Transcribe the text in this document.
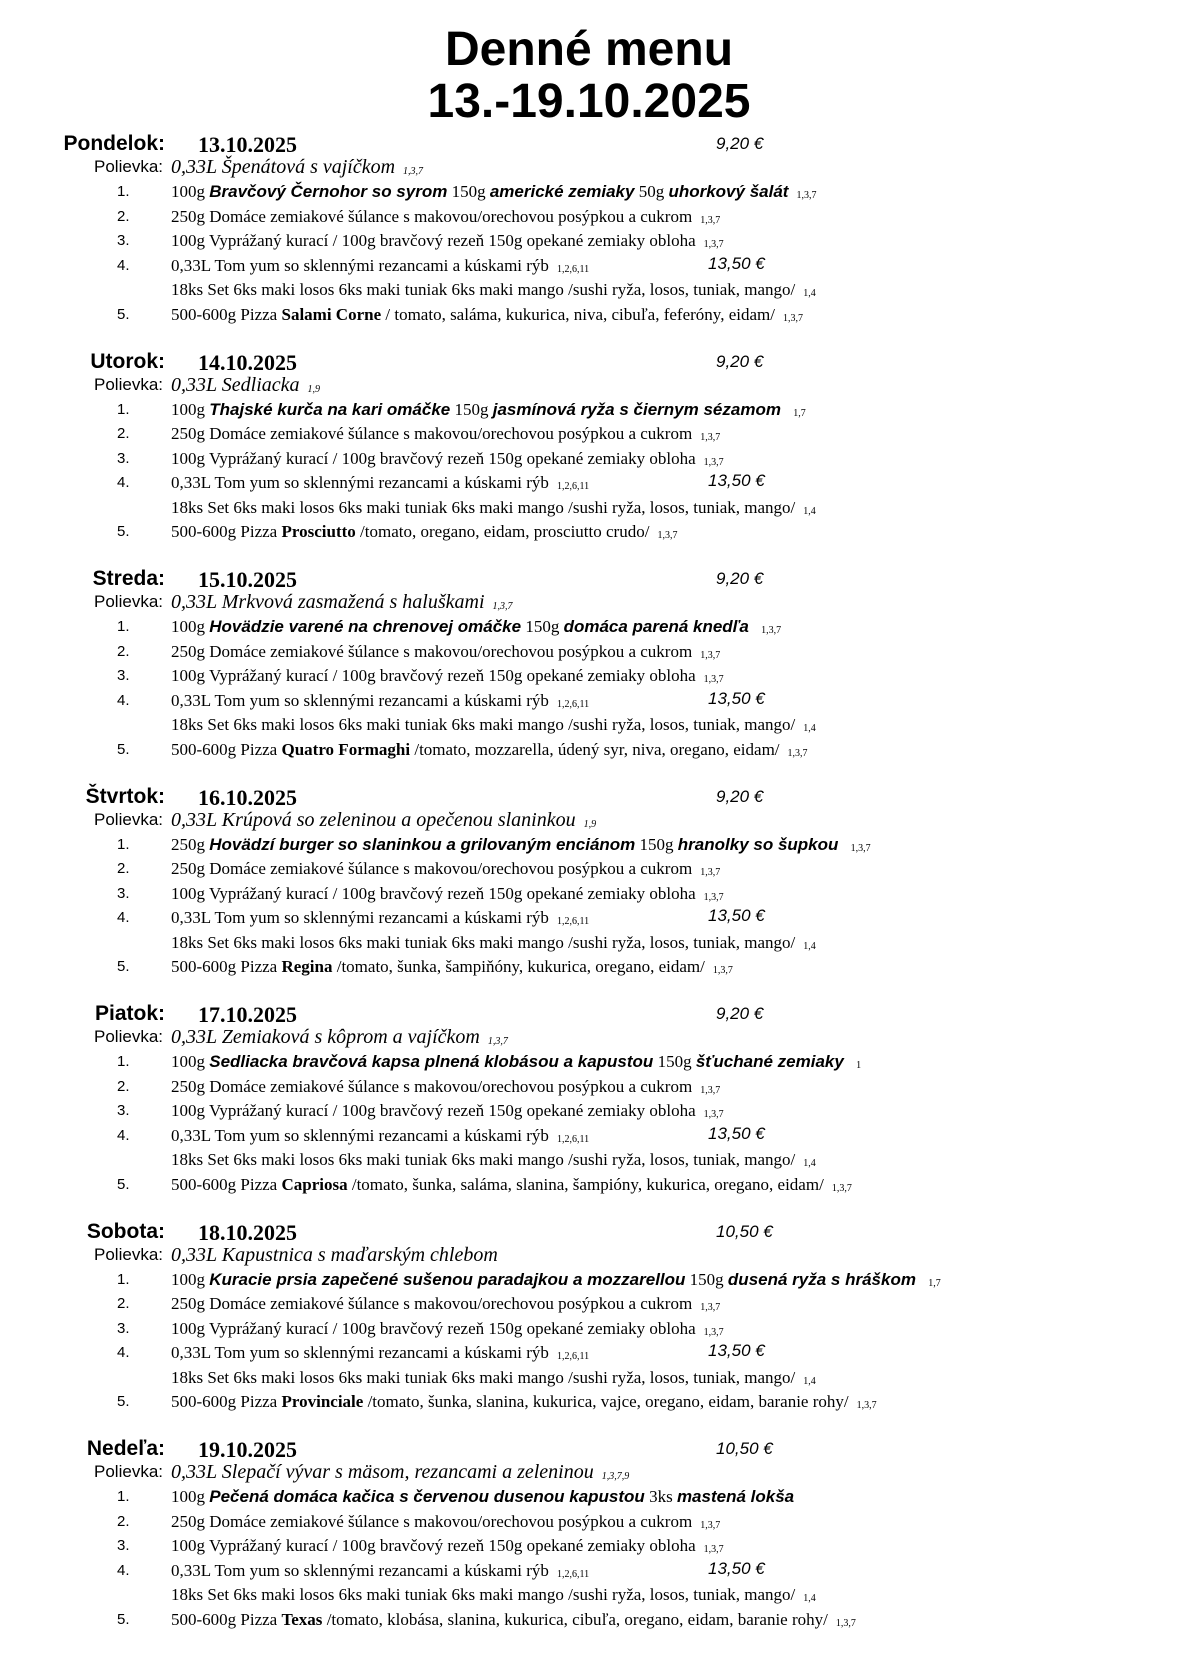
Denné menu
13.-19.10.2025
Pondelok: 13.10.2025	9,20 €
Polievka: 0,33L Špenátová s vajíčkom 1,3,7
1. 100g Bravčový Černohor so syrom 150g americké zemiaky 50g uhorkový šalát 1,3,7
2. 250g Domáce zemiakové šúlance s makovou/orechovou posýpkou a cukrom 1,3,7
3. 100g Vyprážaný kurací / 100g bravčový rezeň 150g opekané zemiaky obloha 1,3,7
4. 0,33L Tom yum so sklennými rezancami a kúskami rýb 1,2,6,11	13,50 €
18ks Set 6ks maki losos 6ks maki tuniak 6ks maki mango /sushi ryža, losos, tuniak, mango/ 1,4
5. 500-600g Pizza Salami Corne / tomato, saláma, kukurica, niva, cibuľa, feferóny, eidam/ 1,3,7
Utorok: 14.10.2025	9,20 €
Polievka: 0,33L Sedliacka 1,9
1. 100g Thajské kurča na kari omáčke 150g jasmínová ryža s čiernym sézamom 1,7
2. 250g Domáce zemiakové šúlance s makovou/orechovou posýpkou a cukrom 1,3,7
3. 100g Vyprážaný kurací / 100g bravčový rezeň 150g opekané zemiaky obloha 1,3,7
4. 0,33L Tom yum so sklennými rezancami a kúskami rýb 1,2,6,11	13,50 €
18ks Set 6ks maki losos 6ks maki tuniak 6ks maki mango /sushi ryža, losos, tuniak, mango/ 1,4
5. 500-600g Pizza Prosciutto /tomato, oregano, eidam, prosciutto crudo/ 1,3,7
Streda: 15.10.2025	9,20 €
Polievka: 0,33L Mrkvová zasmažená s haluškami 1,3,7
1. 100g Hovädzie varené na chrenovej omáčke 150g domáca parená knedľa 1,3,7
2. 250g Domáce zemiakové šúlance s makovou/orechovou posýpkou a cukrom 1,3,7
3. 100g Vyprážaný kurací / 100g bravčový rezeň 150g opekané zemiaky obloha 1,3,7
4. 0,33L Tom yum so sklennými rezancami a kúskami rýb 1,2,6,11	13,50 €
18ks Set 6ks maki losos 6ks maki tuniak 6ks maki mango /sushi ryža, losos, tuniak, mango/ 1,4
5. 500-600g Pizza Quatro Formaghi /tomato, mozzarella, údený syr, niva, oregano, eidam/ 1,3,7
Štvrtok: 16.10.2025	9,20 €
Polievka: 0,33L Krúpová so zeleninou a opečenou slaninkou 1,9
1. 250g Hovädzí burger so slaninkou a grilovaným enciánom 150g hranolky so šupkou 1,3,7
2. 250g Domáce zemiakové šúlance s makovou/orechovou posýpkou a cukrom 1,3,7
3. 100g Vyprážaný kurací / 100g bravčový rezeň 150g opekané zemiaky obloha 1,3,7
4. 0,33L Tom yum so sklennými rezancami a kúskami rýb 1,2,6,11	13,50 €
18ks Set 6ks maki losos 6ks maki tuniak 6ks maki mango /sushi ryža, losos, tuniak, mango/ 1,4
5. 500-600g Pizza Regina /tomato, šunka, šampiňóny, kukurica, oregano, eidam/ 1,3,7
Piatok: 17.10.2025	9,20 €
Polievka: 0,33L Zemiaková s kôprom a vajíčkom 1,3,7
1. 100g Sedliacka bravčová kapsa plnená klobásou a kapustou 150g šťuchané zemiaky 1
2. 250g Domáce zemiakové šúlance s makovou/orechovou posýpkou a cukrom 1,3,7
3. 100g Vyprážaný kurací / 100g bravčový rezeň 150g opekané zemiaky obloha 1,3,7
4. 0,33L Tom yum so sklennými rezancami a kúskami rýb 1,2,6,11	13,50 €
18ks Set 6ks maki losos 6ks maki tuniak 6ks maki mango /sushi ryža, losos, tuniak, mango/ 1,4
5. 500-600g Pizza Capriosa /tomato, šunka, saláma, slanina, šampióny, kukurica, oregano, eidam/ 1,3,7
Sobota: 18.10.2025	10,50 €
Polievka: 0,33L Kapustnica s maďarským chlebom
1. 100g Kuracie prsia zapečené sušenou paradajkou a mozzarellou 150g dusená ryža s hráškom 1,7
2. 250g Domáce zemiakové šúlance s makovou/orechovou posýpkou a cukrom 1,3,7
3. 100g Vyprážaný kurací / 100g bravčový rezeň 150g opekané zemiaky obloha 1,3,7
4. 0,33L Tom yum so sklennými rezancami a kúskami rýb 1,2,6,11	13,50 €
18ks Set 6ks maki losos 6ks maki tuniak 6ks maki mango /sushi ryža, losos, tuniak, mango/ 1,4
5. 500-600g Pizza Provinciale /tomato, šunka, slanina, kukurica, vajce, oregano, eidam, baranie rohy/ 1,3,7
Nedeľa: 19.10.2025	10,50 €
Polievka: 0,33L Slepačí vývar s mäsom, rezancami a zeleninou 1,3,7,9
1. 100g Pečená domáca kačica s červenou dusenou kapustou 3ks mastená lokša
2. 250g Domáce zemiakové šúlance s makovou/orechovou posýpkou a cukrom 1,3,7
3. 100g Vyprážaný kurací / 100g bravčový rezeň 150g opekané zemiaky obloha 1,3,7
4. 0,33L Tom yum so sklennými rezancami a kúskami rýb 1,2,6,11	13,50 €
18ks Set 6ks maki losos 6ks maki tuniak 6ks maki mango /sushi ryža, losos, tuniak, mango/ 1,4
5. 500-600g Pizza Texas /tomato, klobása, slanina, kukurica, cibuľa, oregano, eidam, baranie rohy/ 1,3,7
